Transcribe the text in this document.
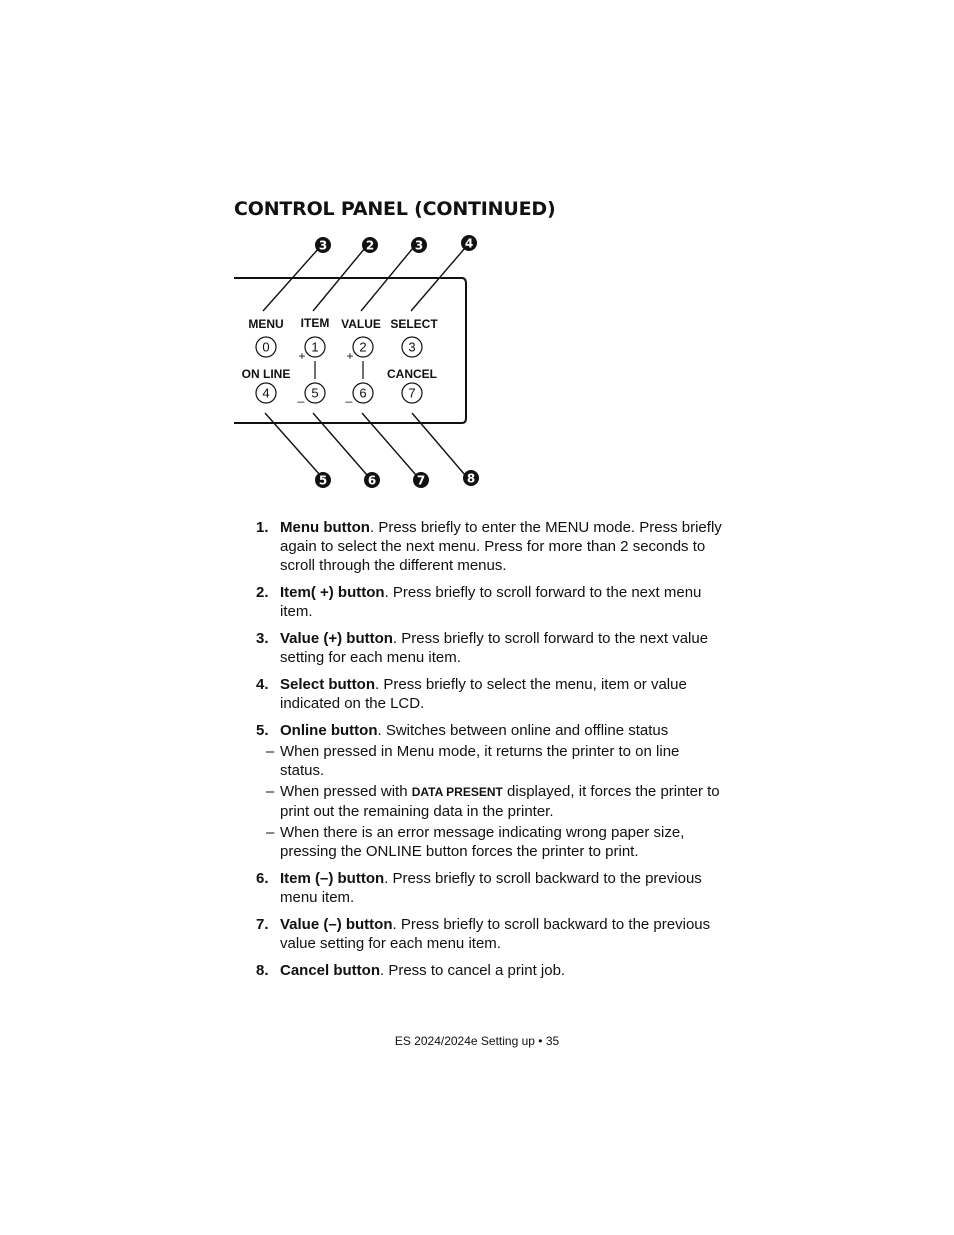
CONTROL PANEL (CONTINUED)
3	2	3	4
5	6	7	8
MENU ITEM VALUE SELECT
0	1	2	3
+	+
_	_
ON LINE	CANCEL
4	5	6	7
1. Menu button. Press briefly to enter the MENU mode. Press briefly again to select the next menu. Press for more than 2 seconds to scroll through the different menus.
2. Item( +) button. Press briefly to scroll forward to the next menu item.
3. Value (+) button. Press briefly to scroll forward to the next value setting for each menu item.
4. Select button. Press briefly to select the menu, item or value indicated on the LCD.
5. Online button. Switches between online and offline status
– When pressed in Menu mode, it returns the printer to on line status.
– When pressed with DATA PRESENT displayed, it forces the printer to print out the remaining data in the printer.
– When there is an error message indicating wrong paper size, pressing the ONLINE button forces the printer to print.
6. Item (–) button. Press briefly to scroll backward to the previous menu item.
7. Value (–) button. Press briefly to scroll backward to the previous value setting for each menu item.
8. Cancel button. Press to cancel a print job.
ES 2024/2024e Setting up • 35
